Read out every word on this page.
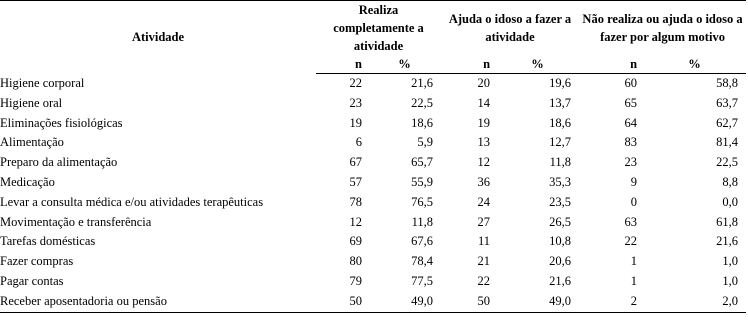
Atividade	Realiza completamente a atividade		Ajuda o idoso a fazer a atividade		Não realiza ou ajuda o idoso a fazer por algum motivo	
	n	%	n	%	n	%
Higiene corporal	22	21,6	20	19,6	60	58,8
Higiene oral	23	22,5	14	13,7	65	63,7
Eliminações fisiológicas	19	18,6	19	18,6	64	62,7
Alimentação	6	5,9	13	12,7	83	81,4
Preparo da alimentação	67	65,7	12	11,8	23	22,5
Medicação	57	55,9	36	35,3	9	8,8
Levar a consulta médica e/ou atividades terapêuticas	78	76,5	24	23,5	0	0,0
Movimentação e transferência	12	11,8	27	26,5	63	61,8
Tarefas domésticas	69	67,6	11	10,8	22	21,6
Fazer compras	80	78,4	21	20,6	1	1,0
Pagar contas	79	77,5	22	21,6	1	1,0
Receber aposentadoria ou pensão	50	49,0	50	49,0	2	2,0
